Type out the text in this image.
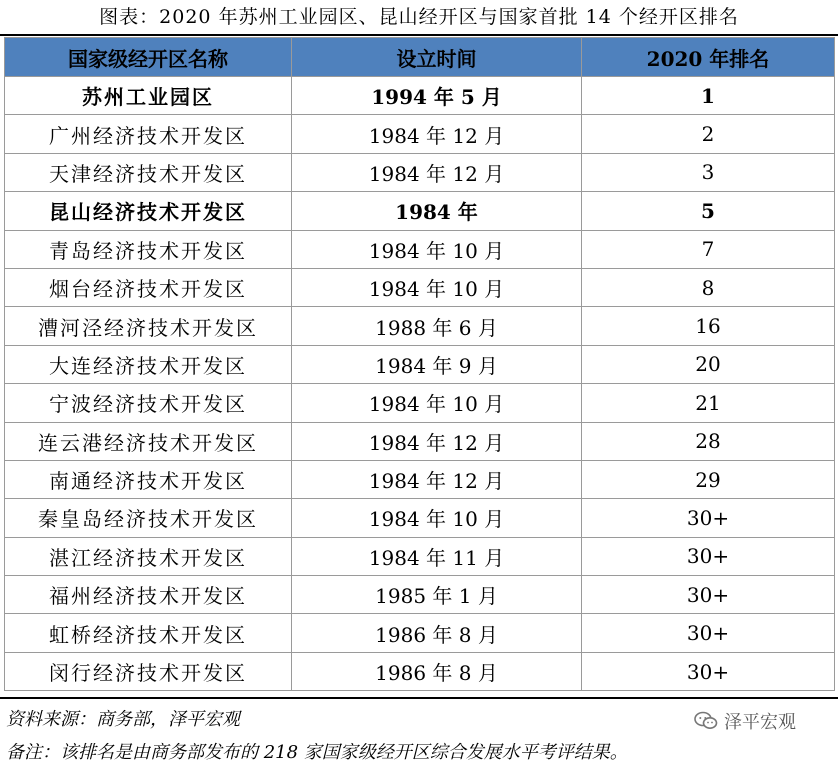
图表：2020 年苏州工业园区、昆山经开区与国家首批 14 个经开区排名
国家级经开区名称	设立时间	2020 年排名
苏州工业园区	1994 年 5 月	1
广州经济技术开发区	1984 年 12 月	2
天津经济技术开发区	1984 年 12 月	3
昆山经济技术开发区	1984 年	5
青岛经济技术开发区	1984 年 10 月	7
烟台经济技术开发区	1984 年 10 月	8
漕河泾经济技术开发区	1988 年 6 月	16
大连经济技术开发区	1984 年 9 月	20
宁波经济技术开发区	1984 年 10 月	21
连云港经济技术开发区	1984 年 12 月	28
南通经济技术开发区	1984 年 12 月	29
秦皇岛经济技术开发区	1984 年 10 月	30+
湛江经济技术开发区	1984 年 11 月	30+
福州经济技术开发区	1985 年 1 月	30+
虹桥经济技术开发区	1986 年 8 月	30+
闵行经济技术开发区	1986 年 8 月	30+
资料来源：商务部，泽平宏观
备注：该排名是由商务部发布的 218 家国家级经开区综合发展水平考评结果。
泽平宏观
